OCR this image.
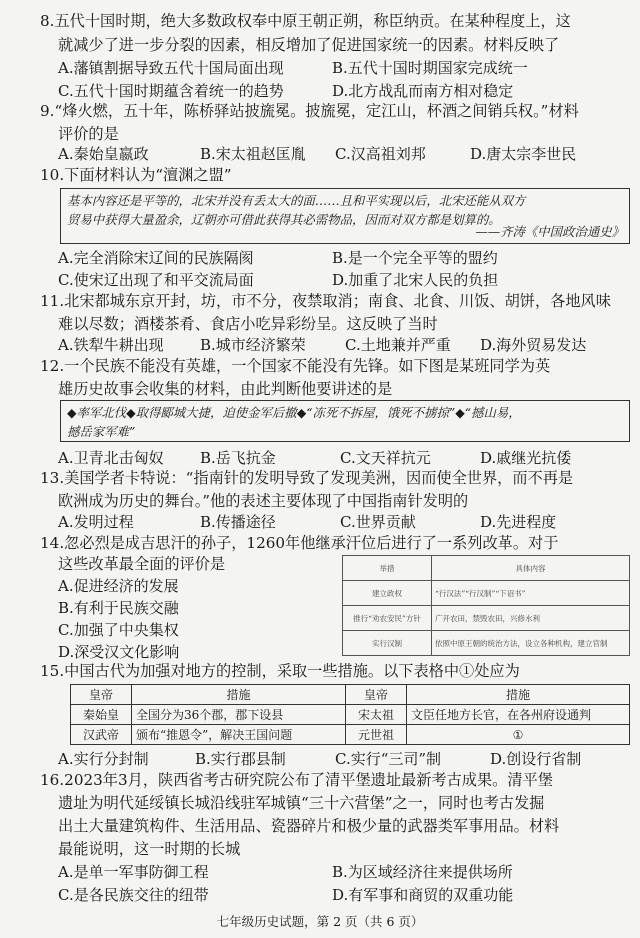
8.五代十国时期，绝大多数政权奉中原王朝正朔，称臣纳贡。在某种程度上，这
就减少了进一步分裂的因素，相反增加了促进国家统一的因素。材料反映了
A.藩镇割据导致五代十国局面出现	B.五代十国时期国家完成统一
C.五代十国时期蕴含着统一的趋势	D.北方战乱而南方相对稳定
9.“烽火燃，五十年，陈桥驿站披旒冕。披旒冕，定江山，杯酒之间销兵权。”材料
评价的是
A.秦始皇嬴政	B.宋太祖赵匡胤 C.汉高祖刘邦	D.唐太宗李世民
10.下面材料认为“澶渊之盟”
基本内容还是平等的，北宋并没有丢太大的面……且和平实现以后，北宋还能从双方
贸易中获得大量盈余，辽朝亦可借此获得其必需物品，因而对双方都是划算的。
——齐涛《中国政治通史》
A.完全消除宋辽间的民族隔阂	B.是一个完全平等的盟约
C.使宋辽出现了和平交流局面	D.加重了北宋人民的负担
11.北宋都城东京开封，坊，市不分，夜禁取消；南食、北食、川饭、胡饼，各地风味
难以尽数；酒楼茶肴、食店小吃异彩纷呈。这反映了当时
A.铁犁牛耕出现 B.城市经济繁荣	C.土地兼并严重 D.海外贸易发达
12.一个民族不能没有英雄，一个国家不能没有先锋。如下图是某班同学为英
雄历史故事会收集的材料，由此判断他要讲述的是
◆率军北伐◆取得郾城大捷，迫使金军后撤◆“冻死不拆屋，饿死不掳掠”◆“撼山易，
撼岳家军难”
A.卫青北击匈奴 B.岳飞抗金	C.文天祥抗元	D.戚继光抗倭
13.美国学者卡特说：“指南针的发明导致了发现美洲，因而使全世界，而不再是
欧洲成为历史的舞台。”他的表述主要体现了中国指南针发明的
A.发明过程	B.传播途径	C.世界贡献	D.先进程度
14.忽必烈是成吉思汗的孙子，1260年他继承汗位后进行了一系列改革。对于
这些改革最全面的评价是
A.促进经济的发展
B.有利于民族交融
C.加强了中央集权
D.深受汉文化影响
举措	具体内容
建立政权	“行汉法”“行汉制”“下诏书”
推行“劝农安民”方针	广开农田，禁毁农田，兴修水利
实行汉制	依照中原王朝的统治方法，设立各种机构，建立官制
15.中国古代为加强对地方的控制，采取一些措施。以下表格中①处应为
皇帝	措施	皇帝	措施
秦始皇	全国分为36个郡，郡下设县	宋太祖	文臣任地方长官，在各州府设通判
汉武帝	颁布“推恩令”，解决王国问题	元世祖	①
A.实行分封制	B.实行郡县制	C.实行“三司”制	D.创设行省制
16.2023年3月，陕西省考古研究院公布了清平堡遗址最新考古成果。清平堡
遗址为明代延绥镇长城沿线驻军城镇“三十六营堡”之一，同时也考古发掘
出土大量建筑构件、生活用品、瓷器碎片和极少量的武器类军事用品。材料
最能说明，这一时期的长城
A.是单一军事防御工程	B.为区域经济往来提供场所
C.是各民族交往的纽带	D.有军事和商贸的双重功能
七年级历史试题，第 2 页（共 6 页）
